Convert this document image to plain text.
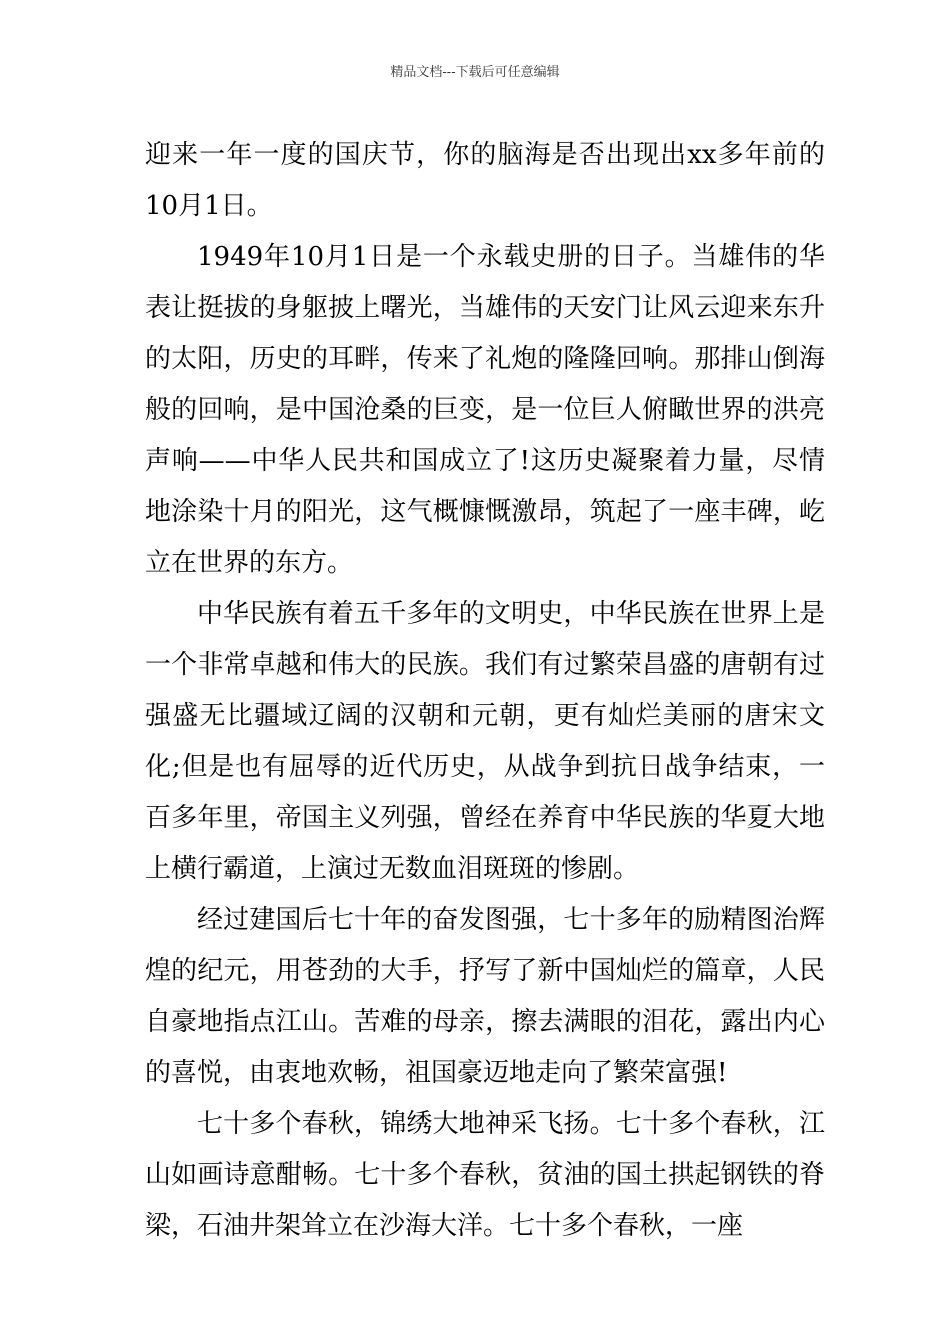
精品文档---下载后可任意编辑

迎来一年一度的国庆节，你的脑海是否出现出xx多年前的10月1日。

1949年10月1日是一个永载史册的日子。当雄伟的华表让挺拔的身躯披上曙光，当雄伟的天安门让风云迎来东升的太阳，历史的耳畔，传来了礼炮的隆隆回响。那排山倒海般的回响，是中国沧桑的巨变，是一位巨人俯瞰世界的洪亮声响——中华人民共和国成立了!这历史凝聚着力量，尽情地涂染十月的阳光，这气概慷慨激昂，筑起了一座丰碑，屹立在世界的东方。

中华民族有着五千多年的文明史，中华民族在世界上是一个非常卓越和伟大的民族。我们有过繁荣昌盛的唐朝有过强盛无比疆域辽阔的汉朝和元朝，更有灿烂美丽的唐宋文化;但是也有屈辱的近代历史，从战争到抗日战争结束，一百多年里，帝国主义列强，曾经在养育中华民族的华夏大地上横行霸道，上演过无数血泪斑斑的惨剧。

经过建国后七十年的奋发图强，七十多年的励精图治辉煌的纪元，用苍劲的大手，抒写了新中国灿烂的篇章，人民自豪地指点江山。苦难的母亲，擦去满眼的泪花，露出内心的喜悦，由衷地欢畅，祖国豪迈地走向了繁荣富强!

七十多个春秋，锦绣大地神采飞扬。七十多个春秋，江山如画诗意酣畅。七十多个春秋，贫油的国土拱起钢铁的脊梁，石油井架耸立在沙海大洋。七十多个春秋，一座
